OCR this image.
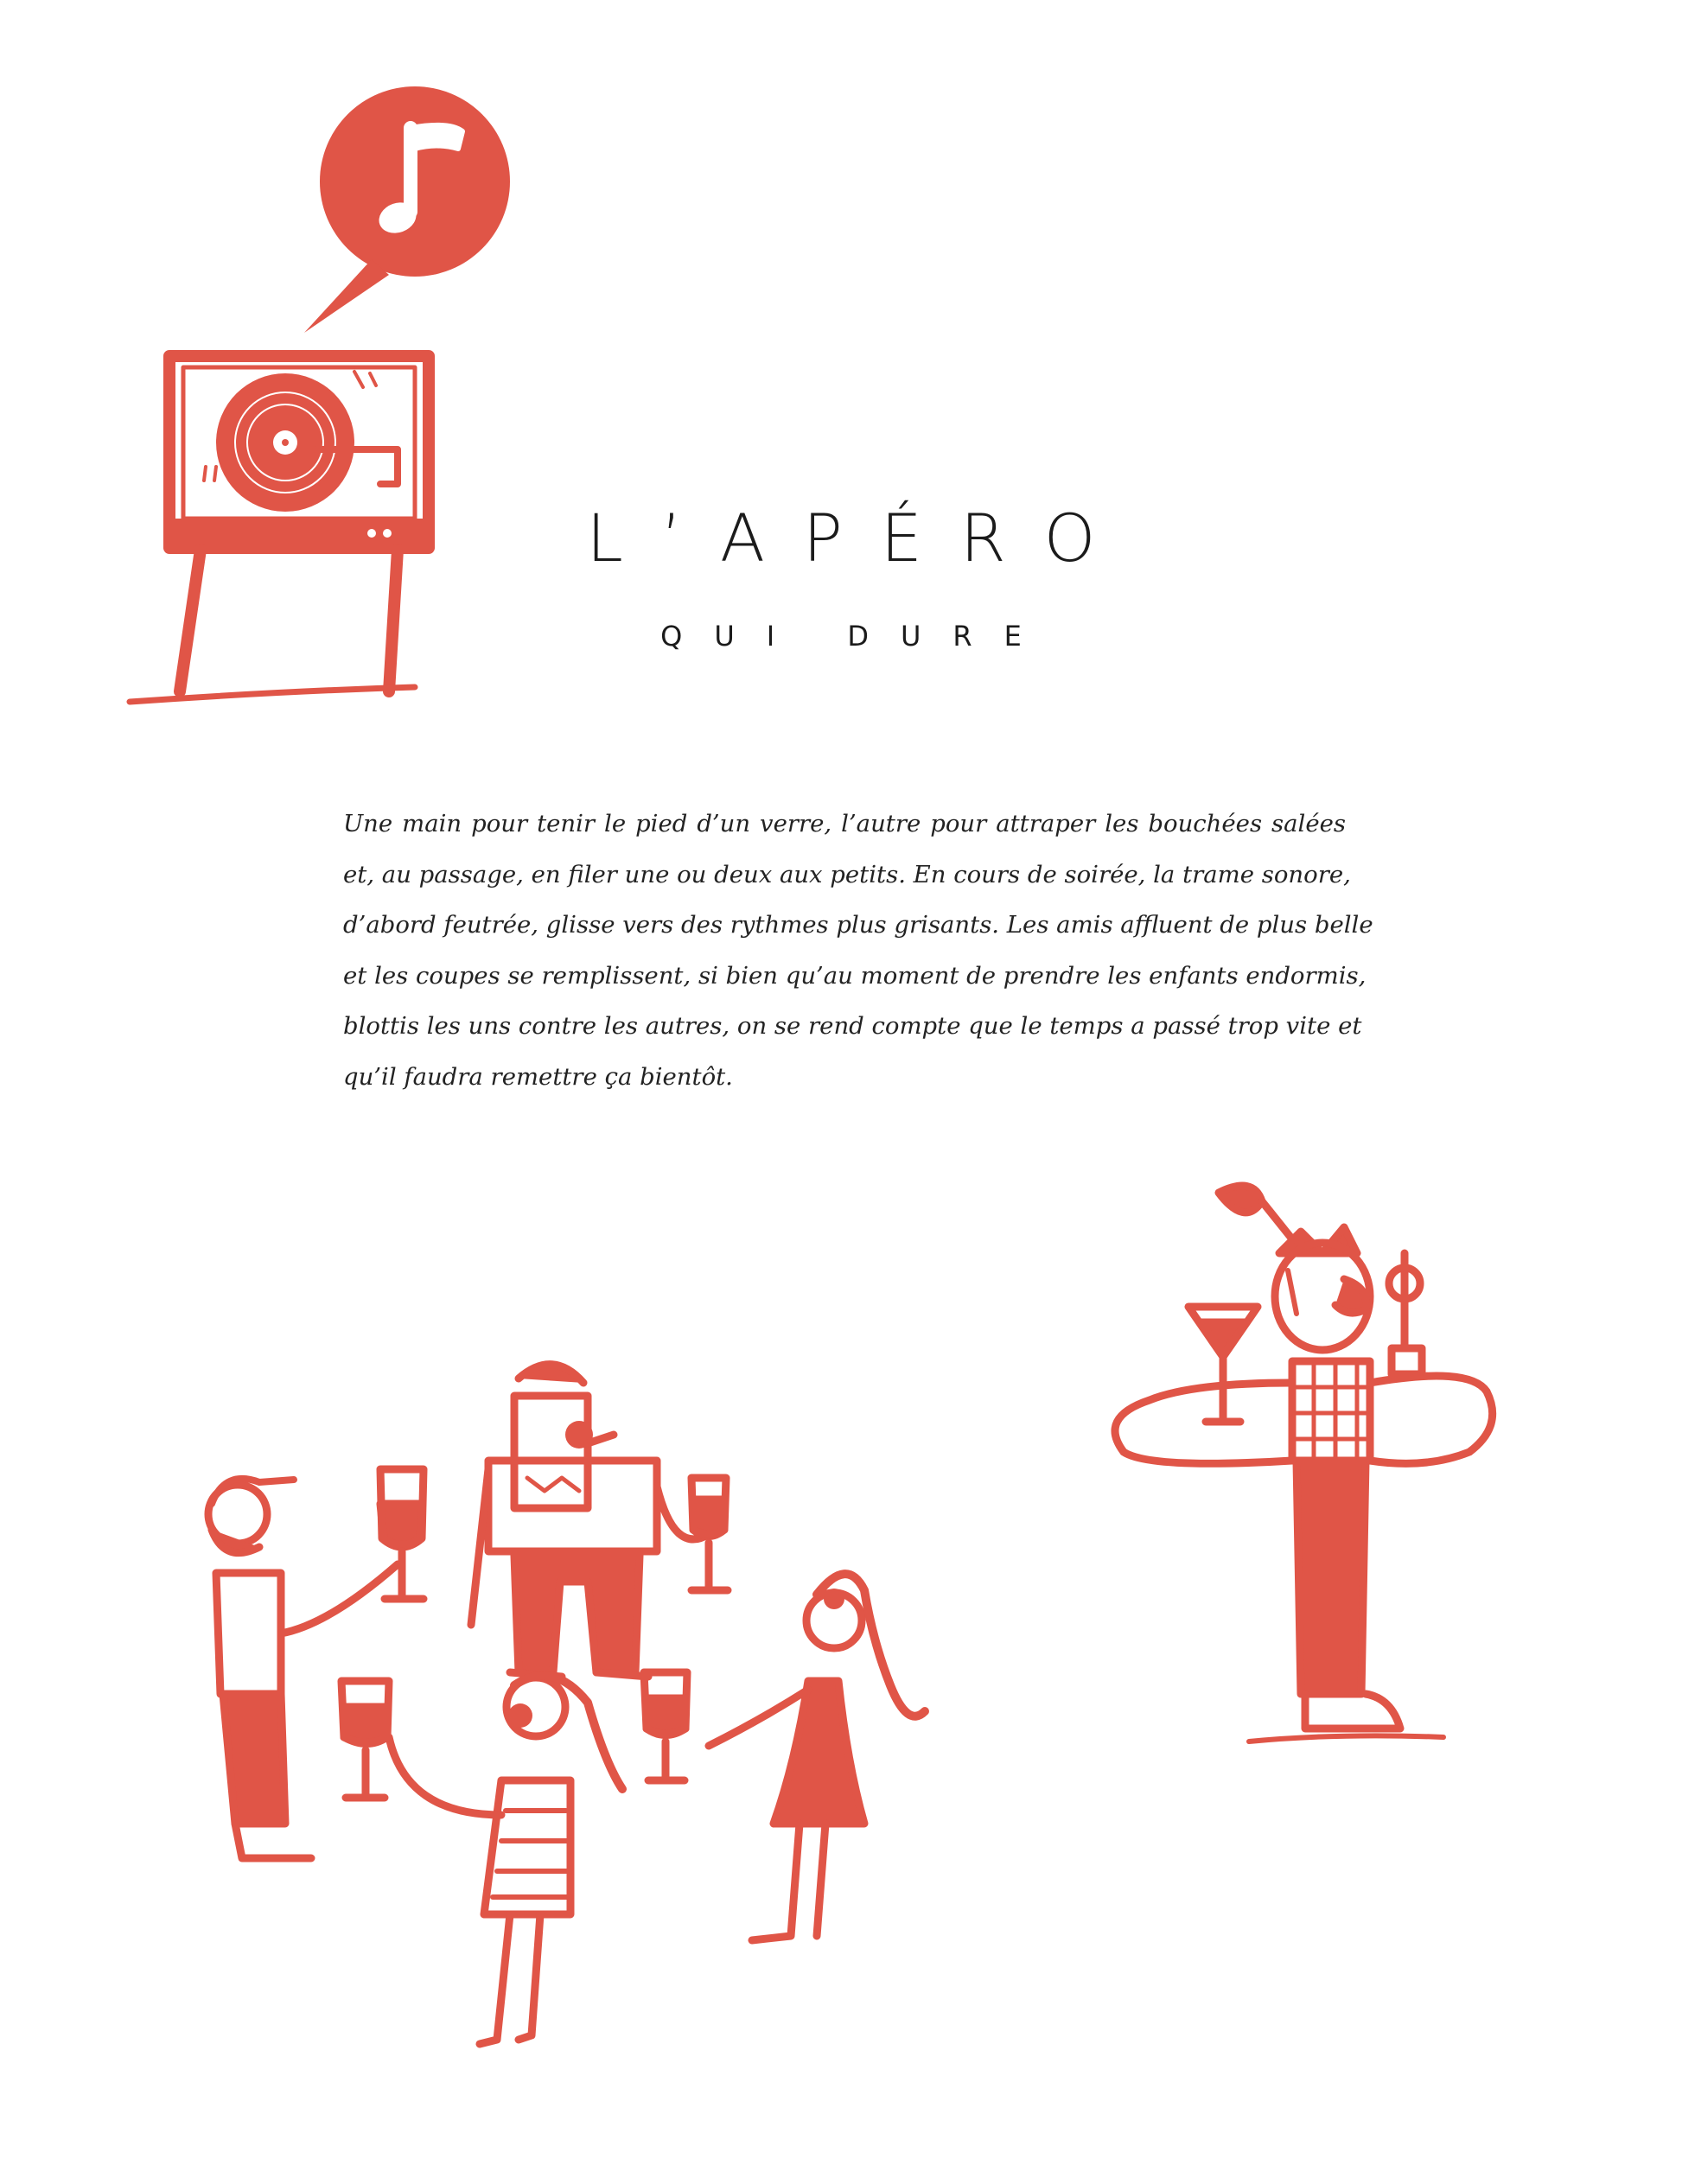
L’APÉRO
QUI DURE
Une main pour tenir le pied d’un verre, l’autre pour attraper les bouchées salées
et, au passage, en filer une ou deux aux petits. En cours de soirée, la trame sonore,
d’abord feutrée, glisse vers des rythmes plus grisants. Les amis affluent de plus belle
et les coupes se remplissent, si bien qu’au moment de prendre les enfants endormis,
blottis les uns contre les autres, on se rend compte que le temps a passé trop vite et
qu’il faudra remettre ça bientôt.
